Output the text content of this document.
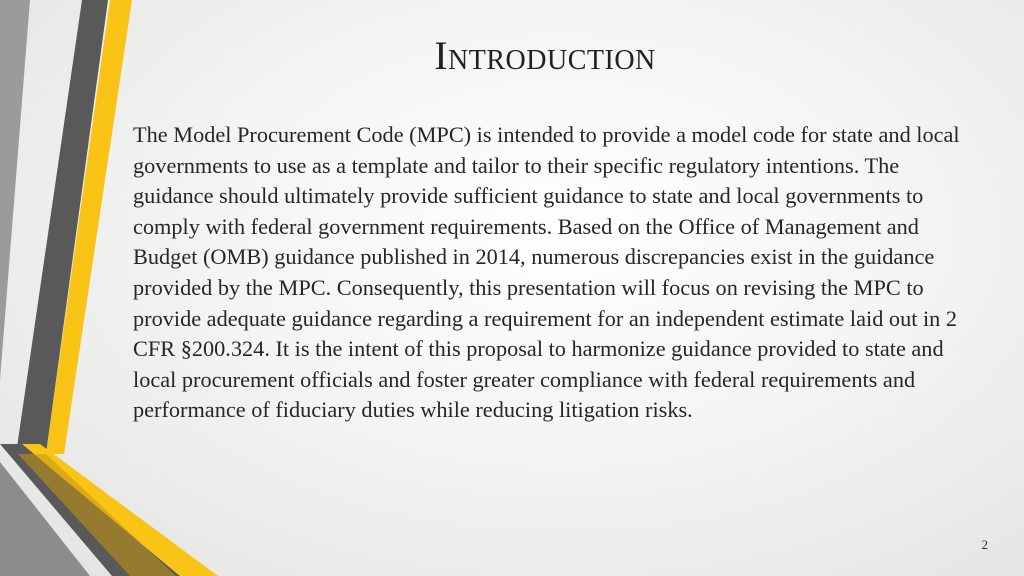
Introduction

The Model Procurement Code (MPC) is intended to provide a model code for state and local governments to use as a template and tailor to their specific regulatory intentions. The guidance should ultimately provide sufficient guidance to state and local governments to comply with federal government requirements. Based on the Office of Management and Budget (OMB) guidance published in 2014, numerous discrepancies exist in the guidance provided by the MPC. Consequently, this presentation will focus on revising the MPC to provide adequate guidance regarding a requirement for an independent estimate laid out in 2 CFR §200.324. It is the intent of this proposal to harmonize guidance provided to state and local procurement officials and foster greater compliance with federal requirements and performance of fiduciary duties while reducing litigation risks.

2
